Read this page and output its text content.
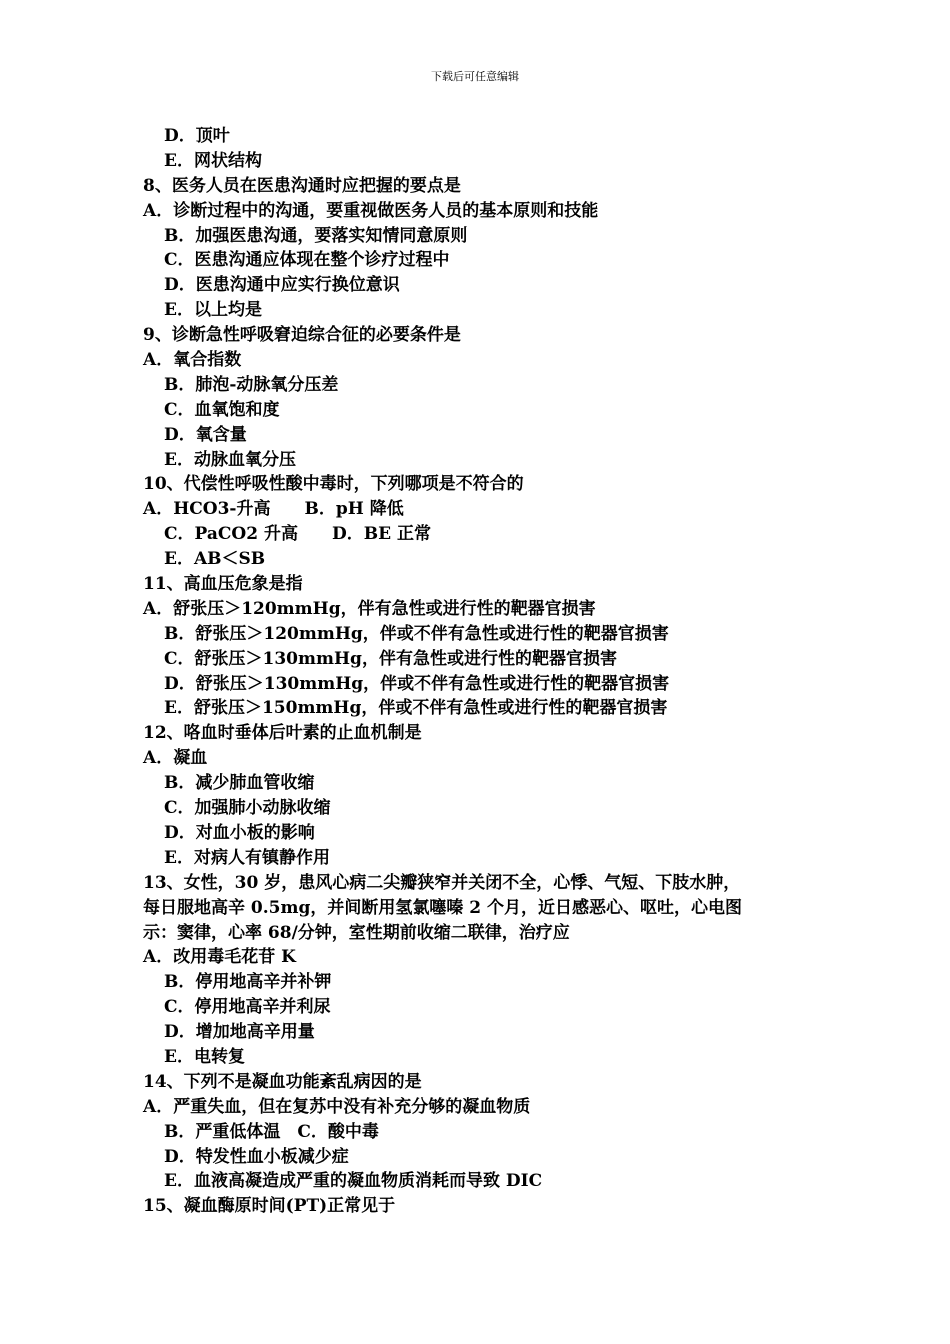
下载后可任意编辑
D．顶叶
E．网状结构
8、医务人员在医患沟通时应把握的要点是
A．诊断过程中的沟通，要重视做医务人员的基本原则和技能
B．加强医患沟通，要落实知情同意原则
C．医患沟通应体现在整个诊疗过程中
D．医患沟通中应实行换位意识
E．以上均是
9、诊断急性呼吸窘迫综合征的必要条件是
A．氧合指数
B．肺泡-动脉氧分压差
C．血氧饱和度
D．氧含量
E．动脉血氧分压
10、代偿性呼吸性酸中毒时，下列哪项是不符合的
A．HCO3-升高　　B．pH 降低
C．PaCO2 升高　　D．BE 正常
E．AB＜SB
11、高血压危象是指
A．舒张压＞120mmHg，伴有急性或进行性的靶器官损害
B．舒张压＞120mmHg，伴或不伴有急性或进行性的靶器官损害
C．舒张压＞130mmHg，伴有急性或进行性的靶器官损害
D．舒张压＞130mmHg，伴或不伴有急性或进行性的靶器官损害
E．舒张压＞150mmHg，伴或不伴有急性或进行性的靶器官损害
12、咯血时垂体后叶素的止血机制是
A．凝血
B．减少肺血管收缩
C．加强肺小动脉收缩
D．对血小板的影响
E．对病人有镇静作用
13、女性，30 岁，患风心病二尖瓣狭窄并关闭不全，心悸、气短、下肢水肿，
每日服地高辛 0.5mg，并间断用氢氯噻嗪 2 个月，近日感恶心、呕吐，心电图
示：窦律，心率 68/分钟，室性期前收缩二联律，治疗应
A．改用毒毛花苷 K
B．停用地高辛并补钾
C．停用地高辛并利尿
D．增加地高辛用量
E．电转复
14、下列不是凝血功能紊乱病因的是
A．严重失血，但在复苏中没有补充分够的凝血物质
B．严重低体温　C．酸中毒
D．特发性血小板减少症
E．血液高凝造成严重的凝血物质消耗而导致 DIC
15、凝血酶原时间(PT)正常见于
